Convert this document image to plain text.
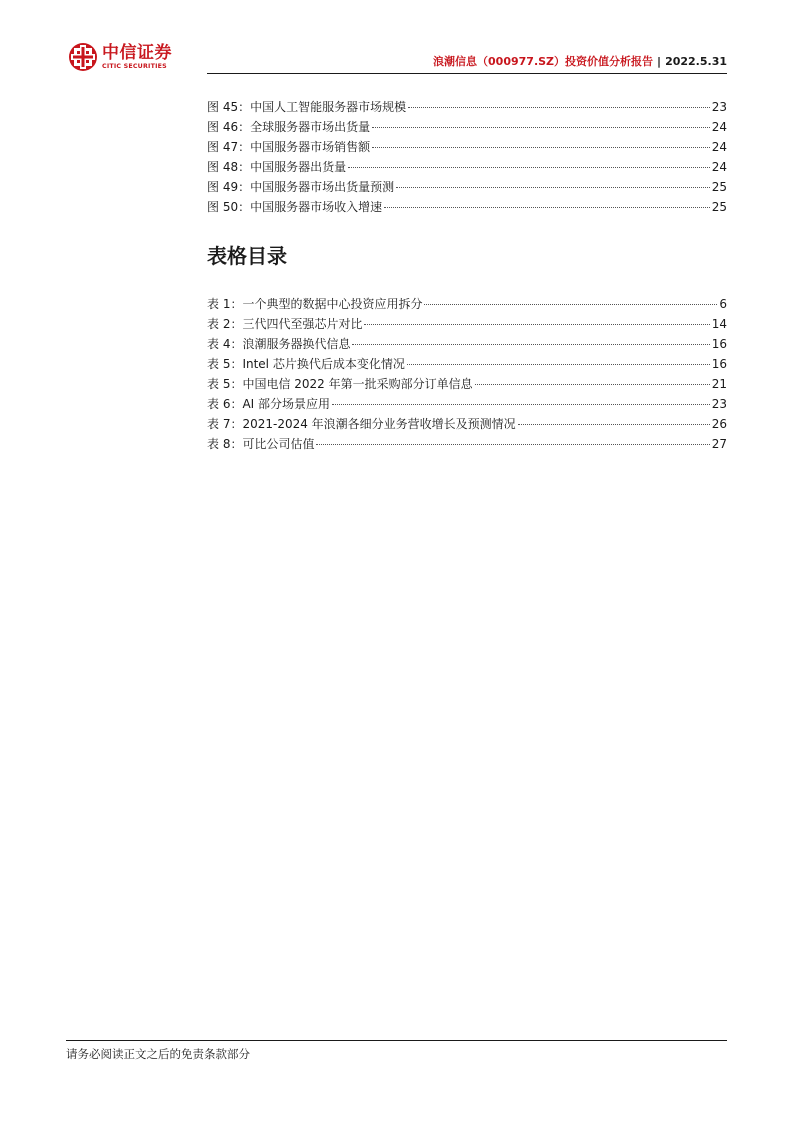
中信证券
CITIC SECURITIES	浪潮信息（000977.SZ）投资价值分析报告 | 2022.5.31
图 45：中国人工智能服务器市场规模	23
图 46：全球服务器市场出货量	24
图 47：中国服务器市场销售额	24
图 48：中国服务器出货量	24
图 49：中国服务器市场出货量预测	25
图 50：中国服务器市场收入增速	25
表格目录
表 1：一个典型的数据中心投资应用拆分	6
表 2：三代四代至强芯片对比	14
表 4：浪潮服务器换代信息	16
表 5：Intel 芯片换代后成本变化情况	16
表 5：中国电信 2022 年第一批采购部分订单信息	21
表 6：AI 部分场景应用	23
表 7：2021-2024 年浪潮各细分业务营收增长及预测情况	26
表 8：可比公司估值	27
请务必阅读正文之后的免责条款部分
